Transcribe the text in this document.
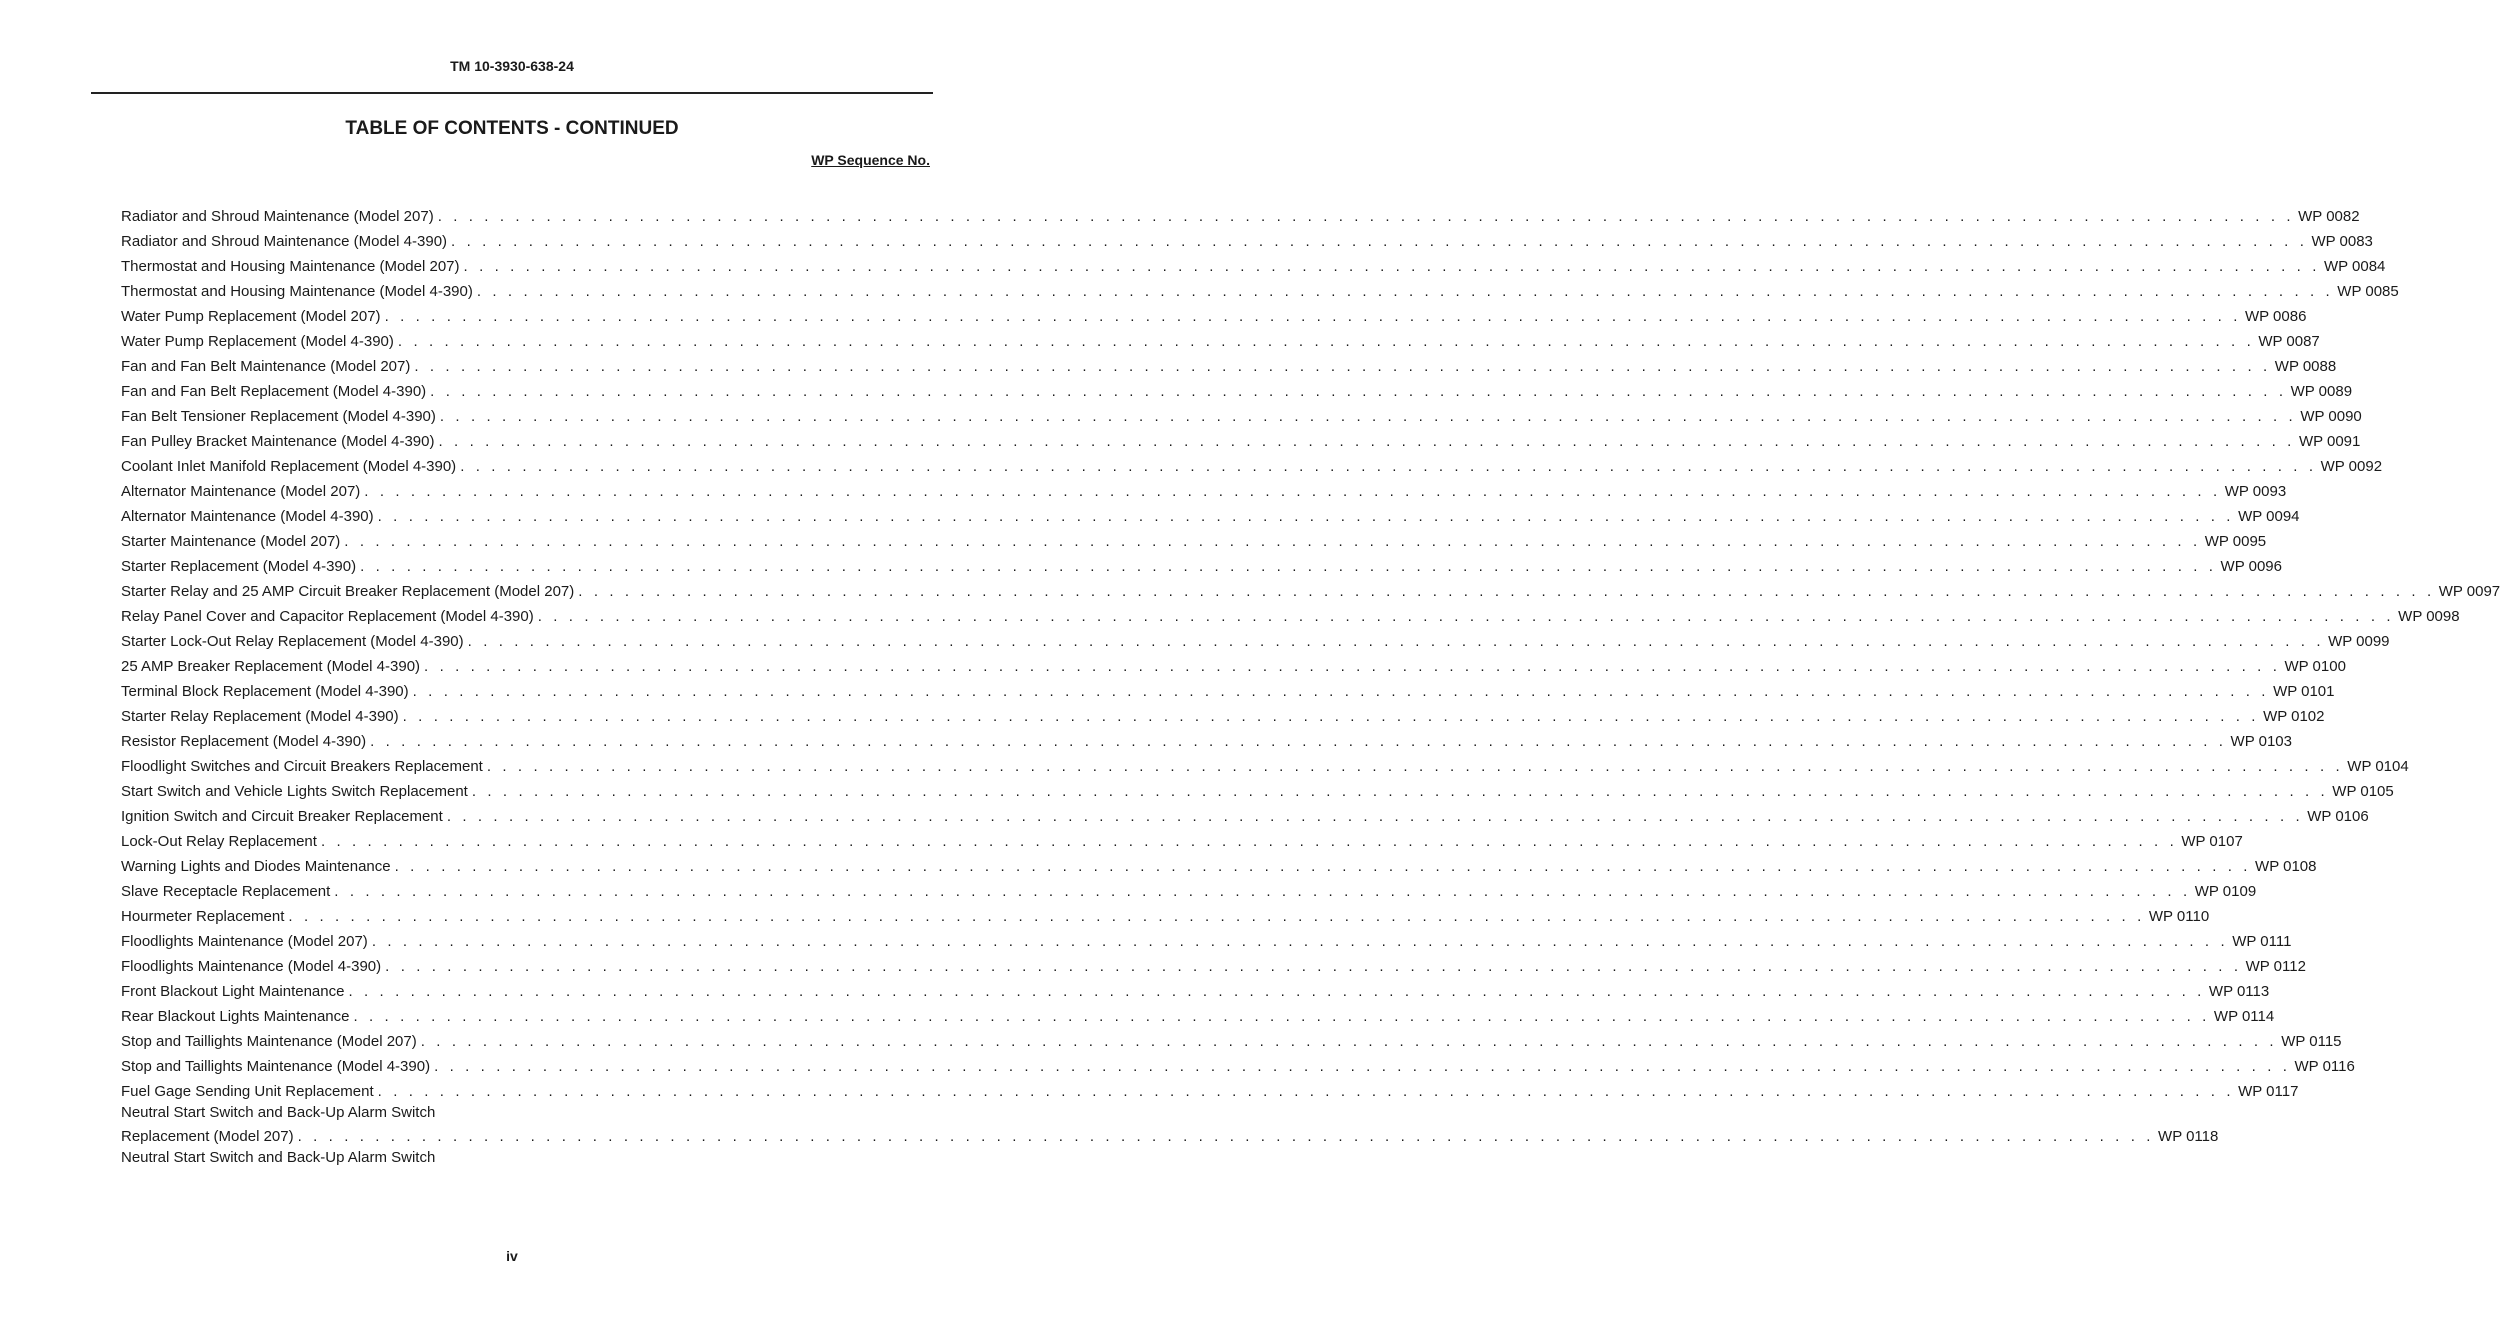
TM 10-3930-638-24
TABLE OF CONTENTS - CONTINUED
WP Sequence No.
Radiator and Shroud Maintenance (Model 207) . . . . . . . . . . . . . . . . . . . . . . . . . . . . . . . . . . . . . . . . . . . . . . . . . . . . . . . . . . . . . . . . . . . . . . . . . . . . . . . . . . . . . . . . . . . . . . . . . . . . . . . . . . . . . . . . . . . . . . . . WP 0082
Radiator and Shroud Maintenance (Model 4-390) . . . . . . . . . . . . . . . . . . . . . . . . . . . . . . . . . . . . . . . . . . . . . . . . . . . . . . . . . . . . . . . . . . . . . . . . . . . . . . . . . . . . . . . . . . . . . . . . . . . . . . . . . . . . . . . . . . . . . . . . WP 0083
Thermostat and Housing Maintenance (Model 207) . . . . . . . . . . . . . . . . . . . . . . . . . . . . . . . . . . . . . . . . . . . . . . . . . . . . . . . . . . . . . . . . . . . . . . . . . . . . . . . . . . . . . . . . . . . . . . . . . . . . . . . . . . . . . . . . . . . . . . . . WP 0084
Thermostat and Housing Maintenance (Model 4-390) . . . . . . . . . . . . . . . . . . . . . . . . . . . . . . . . . . . . . . . . . . . . . . . . . . . . . . . . . . . . . . . . . . . . . . . . . . . . . . . . . . . . . . . . . . . . . . . . . . . . . . . . . . . . . . . . . . . . . . . . WP 0085
Water Pump Replacement (Model 207) . . . . . . . . . . . . . . . . . . . . . . . . . . . . . . . . . . . . . . . . . . . . . . . . . . . . . . . . . . . . . . . . . . . . . . . . . . . . . . . . . . . . . . . . . . . . . . . . . . . . . . . . . . . . . . . . . . . . . . . . WP 0086
Water Pump Replacement (Model 4-390) . . . . . . . . . . . . . . . . . . . . . . . . . . . . . . . . . . . . . . . . . . . . . . . . . . . . . . . . . . . . . . . . . . . . . . . . . . . . . . . . . . . . . . . . . . . . . . . . . . . . . . . . . . . . . . . . . . . . . . . . WP 0087
Fan and Fan Belt Maintenance (Model 207) . . . . . . . . . . . . . . . . . . . . . . . . . . . . . . . . . . . . . . . . . . . . . . . . . . . . . . . . . . . . . . . . . . . . . . . . . . . . . . . . . . . . . . . . . . . . . . . . . . . . . . . . . . . . . . . . . . . . . . . . WP 0088
Fan and Fan Belt Replacement (Model 4-390) . . . . . . . . . . . . . . . . . . . . . . . . . . . . . . . . . . . . . . . . . . . . . . . . . . . . . . . . . . . . . . . . . . . . . . . . . . . . . . . . . . . . . . . . . . . . . . . . . . . . . . . . . . . . . . . . . . . . . . . . WP 0089
Fan Belt Tensioner Replacement (Model 4-390) . . . . . . . . . . . . . . . . . . . . . . . . . . . . . . . . . . . . . . . . . . . . . . . . . . . . . . . . . . . . . . . . . . . . . . . . . . . . . . . . . . . . . . . . . . . . . . . . . . . . . . . . . . . . . . . . . . . . . . . . WP 0090
Fan Pulley Bracket Maintenance (Model 4-390) . . . . . . . . . . . . . . . . . . . . . . . . . . . . . . . . . . . . . . . . . . . . . . . . . . . . . . . . . . . . . . . . . . . . . . . . . . . . . . . . . . . . . . . . . . . . . . . . . . . . . . . . . . . . . . . . . . . . . . . . WP 0091
Coolant Inlet Manifold Replacement (Model 4-390) . . . . . . . . . . . . . . . . . . . . . . . . . . . . . . . . . . . . . . . . . . . . . . . . . . . . . . . . . . . . . . . . . . . . . . . . . . . . . . . . . . . . . . . . . . . . . . . . . . . . . . . . . . . . . . . . . . . . . . . . WP 0092
Alternator Maintenance (Model 207) . . . . . . . . . . . . . . . . . . . . . . . . . . . . . . . . . . . . . . . . . . . . . . . . . . . . . . . . . . . . . . . . . . . . . . . . . . . . . . . . . . . . . . . . . . . . . . . . . . . . . . . . . . . . . . . . . . . . . . . . WP 0093
Alternator Maintenance (Model 4-390) . . . . . . . . . . . . . . . . . . . . . . . . . . . . . . . . . . . . . . . . . . . . . . . . . . . . . . . . . . . . . . . . . . . . . . . . . . . . . . . . . . . . . . . . . . . . . . . . . . . . . . . . . . . . . . . . . . . . . . . . WP 0094
Starter Maintenance (Model 207) . . . . . . . . . . . . . . . . . . . . . . . . . . . . . . . . . . . . . . . . . . . . . . . . . . . . . . . . . . . . . . . . . . . . . . . . . . . . . . . . . . . . . . . . . . . . . . . . . . . . . . . . . . . . . . . . . . . . . . . . WP 0095
Starter Replacement (Model 4-390) . . . . . . . . . . . . . . . . . . . . . . . . . . . . . . . . . . . . . . . . . . . . . . . . . . . . . . . . . . . . . . . . . . . . . . . . . . . . . . . . . . . . . . . . . . . . . . . . . . . . . . . . . . . . . . . . . . . . . . . . WP 0096
Starter Relay and 25 AMP Circuit Breaker Replacement (Model 207) . . . . . . . . . . . . . . . . . . . . . . . . . . . . . . . . . . . . . . . . . . . . . . . . . . . . . . . . . . . . . . . . . . . . . . . . . . . . . . . . . . . . . . . . . . . . . . . . . . . . . . . . . . . . . . . . . . . . . . . . WP 0097
Relay Panel Cover and Capacitor Replacement (Model 4-390) . . . . . . . . . . . . . . . . . . . . . . . . . . . . . . . . . . . . . . . . . . . . . . . . . . . . . . . . . . . . . . . . . . . . . . . . . . . . . . . . . . . . . . . . . . . . . . . . . . . . . . . . . . . . . . . . . . . . . . . . WP 0098
Starter Lock-Out Relay Replacement (Model 4-390) . . . . . . . . . . . . . . . . . . . . . . . . . . . . . . . . . . . . . . . . . . . . . . . . . . . . . . . . . . . . . . . . . . . . . . . . . . . . . . . . . . . . . . . . . . . . . . . . . . . . . . . . . . . . . . . . . . . . . . . . WP 0099
25 AMP Breaker Replacement (Model 4-390) . . . . . . . . . . . . . . . . . . . . . . . . . . . . . . . . . . . . . . . . . . . . . . . . . . . . . . . . . . . . . . . . . . . . . . . . . . . . . . . . . . . . . . . . . . . . . . . . . . . . . . . . . . . . . . . . . . . . . . . . WP 0100
Terminal Block Replacement (Model 4-390) . . . . . . . . . . . . . . . . . . . . . . . . . . . . . . . . . . . . . . . . . . . . . . . . . . . . . . . . . . . . . . . . . . . . . . . . . . . . . . . . . . . . . . . . . . . . . . . . . . . . . . . . . . . . . . . . . . . . . . . . WP 0101
Starter Relay Replacement (Model 4-390) . . . . . . . . . . . . . . . . . . . . . . . . . . . . . . . . . . . . . . . . . . . . . . . . . . . . . . . . . . . . . . . . . . . . . . . . . . . . . . . . . . . . . . . . . . . . . . . . . . . . . . . . . . . . . . . . . . . . . . . . WP 0102
Resistor Replacement (Model 4-390) . . . . . . . . . . . . . . . . . . . . . . . . . . . . . . . . . . . . . . . . . . . . . . . . . . . . . . . . . . . . . . . . . . . . . . . . . . . . . . . . . . . . . . . . . . . . . . . . . . . . . . . . . . . . . . . . . . . . . . . . WP 0103
Floodlight Switches and Circuit Breakers Replacement . . . . . . . . . . . . . . . . . . . . . . . . . . . . . . . . . . . . . . . . . . . . . . . . . . . . . . . . . . . . . . . . . . . . . . . . . . . . . . . . . . . . . . . . . . . . . . . . . . . . . . . . . . . . . . . . . . . . . . . . WP 0104
Start Switch and Vehicle Lights Switch Replacement . . . . . . . . . . . . . . . . . . . . . . . . . . . . . . . . . . . . . . . . . . . . . . . . . . . . . . . . . . . . . . . . . . . . . . . . . . . . . . . . . . . . . . . . . . . . . . . . . . . . . . . . . . . . . . . . . . . . . . . . WP 0105
Ignition Switch and Circuit Breaker Replacement . . . . . . . . . . . . . . . . . . . . . . . . . . . . . . . . . . . . . . . . . . . . . . . . . . . . . . . . . . . . . . . . . . . . . . . . . . . . . . . . . . . . . . . . . . . . . . . . . . . . . . . . . . . . . . . . . . . . . . . . WP 0106
Lock-Out Relay Replacement . . . . . . . . . . . . . . . . . . . . . . . . . . . . . . . . . . . . . . . . . . . . . . . . . . . . . . . . . . . . . . . . . . . . . . . . . . . . . . . . . . . . . . . . . . . . . . . . . . . . . . . . . . . . . . . . . . . . . . . . WP 0107
Warning Lights and Diodes Maintenance . . . . . . . . . . . . . . . . . . . . . . . . . . . . . . . . . . . . . . . . . . . . . . . . . . . . . . . . . . . . . . . . . . . . . . . . . . . . . . . . . . . . . . . . . . . . . . . . . . . . . . . . . . . . . . . . . . . . . . . . WP 0108
Slave Receptacle Replacement . . . . . . . . . . . . . . . . . . . . . . . . . . . . . . . . . . . . . . . . . . . . . . . . . . . . . . . . . . . . . . . . . . . . . . . . . . . . . . . . . . . . . . . . . . . . . . . . . . . . . . . . . . . . . . . . . . . . . . . . WP 0109
Hourmeter Replacement . . . . . . . . . . . . . . . . . . . . . . . . . . . . . . . . . . . . . . . . . . . . . . . . . . . . . . . . . . . . . . . . . . . . . . . . . . . . . . . . . . . . . . . . . . . . . . . . . . . . . . . . . . . . . . . . . . . . . . . . WP 0110
Floodlights Maintenance (Model 207) . . . . . . . . . . . . . . . . . . . . . . . . . . . . . . . . . . . . . . . . . . . . . . . . . . . . . . . . . . . . . . . . . . . . . . . . . . . . . . . . . . . . . . . . . . . . . . . . . . . . . . . . . . . . . . . . . . . . . . . . WP 0111
Floodlights Maintenance (Model 4-390) . . . . . . . . . . . . . . . . . . . . . . . . . . . . . . . . . . . . . . . . . . . . . . . . . . . . . . . . . . . . . . . . . . . . . . . . . . . . . . . . . . . . . . . . . . . . . . . . . . . . . . . . . . . . . . . . . . . . . . . . WP 0112
Front Blackout Light Maintenance . . . . . . . . . . . . . . . . . . . . . . . . . . . . . . . . . . . . . . . . . . . . . . . . . . . . . . . . . . . . . . . . . . . . . . . . . . . . . . . . . . . . . . . . . . . . . . . . . . . . . . . . . . . . . . . . . . . . . . . . WP 0113
Rear Blackout Lights Maintenance . . . . . . . . . . . . . . . . . . . . . . . . . . . . . . . . . . . . . . . . . . . . . . . . . . . . . . . . . . . . . . . . . . . . . . . . . . . . . . . . . . . . . . . . . . . . . . . . . . . . . . . . . . . . . . . . . . . . . . . . WP 0114
Stop and Taillights Maintenance (Model 207) . . . . . . . . . . . . . . . . . . . . . . . . . . . . . . . . . . . . . . . . . . . . . . . . . . . . . . . . . . . . . . . . . . . . . . . . . . . . . . . . . . . . . . . . . . . . . . . . . . . . . . . . . . . . . . . . . . . . . . . . WP 0115
Stop and Taillights Maintenance (Model 4-390) . . . . . . . . . . . . . . . . . . . . . . . . . . . . . . . . . . . . . . . . . . . . . . . . . . . . . . . . . . . . . . . . . . . . . . . . . . . . . . . . . . . . . . . . . . . . . . . . . . . . . . . . . . . . . . . . . . . . . . . . WP 0116
Fuel Gage Sending Unit Replacement . . . . . . . . . . . . . . . . . . . . . . . . . . . . . . . . . . . . . . . . . . . . . . . . . . . . . . . . . . . . . . . . . . . . . . . . . . . . . . . . . . . . . . . . . . . . . . . . . . . . . . . . . . . . . . . . . . . . . . . . WP 0117
Neutral Start Switch and Back-Up Alarm Switch
Replacement (Model 207) . . . . . . . . . . . . . . . . . . . . . . . . . . . . . . . . . . . . . . . . . . . . . . . . . . . . . . . . . . . . . . . . . . . . . . . . . . . . . . . . . . . . . . . . . . . . . . . . . . . . . . . . . . . . . . . . . . . . . . . . WP 0118
Neutral Start Switch and Back-Up Alarm Switch
iv
